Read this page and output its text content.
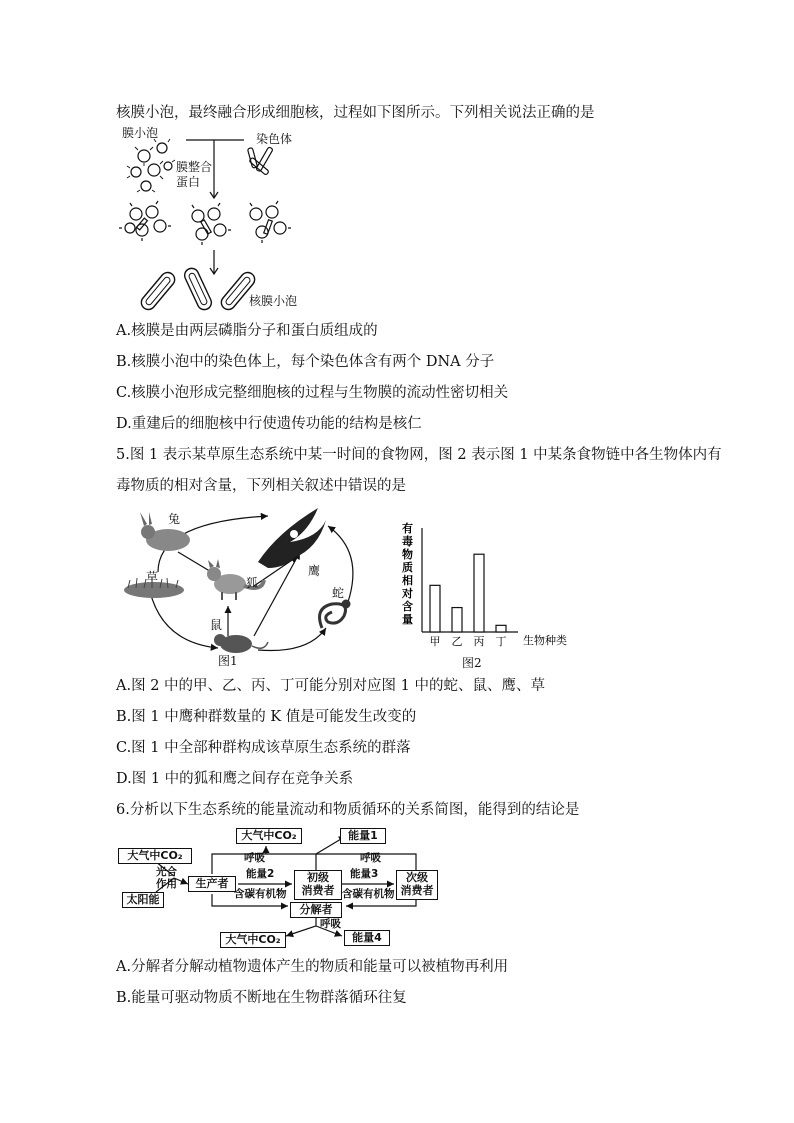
核膜小泡，最终融合形成细胞核，过程如下图所示。下列相关说法正确的是
膜小泡	染色体
膜整合
蛋白
核膜小泡
A.核膜是由两层磷脂分子和蛋白质组成的
B.核膜小泡中的染色体上，每个染色体含有两个 DNA 分子
C.核膜小泡形成完整细胞核的过程与生物膜的流动性密切相关
D.重建后的细胞核中行使遗传功能的结构是核仁
5.图 1 表示某草原生态系统中某一时间的食物网，图 2 表示图 1 中某条食物链中各生物体内有
毒物质的相对含量，下列相关叙述中错误的是
兔
鹰
草	狐
蛇
鼠
图1
有毒物质相对含量
甲 乙 丙 丁 生物种类
图2
A.图 2 中的甲、乙、丙、丁可能分别对应图 1 中的蛇、鼠、鹰、草
B.图 1 中鹰种群数量的 K 值是可能发生改变的
C.图 1 中全部种群构成该草原生态系统的群落
D.图 1 中的狐和鹰之间存在竞争关系
6.分析以下生态系统的能量流动和物质循环的关系简图，能得到的结论是
大气中CO₂	能量1
呼吸	呼吸
大气中CO₂
光合
作用	生产者
能量2
含碳有机物
初级
消费者
能量3
含碳有机物
次级
消费者
太阳能
分解者
呼吸
大气中CO₂	能量4
A.分解者分解动植物遗体产生的物质和能量可以被植物再利用
B.能量可驱动物质不断地在生物群落循环往复
